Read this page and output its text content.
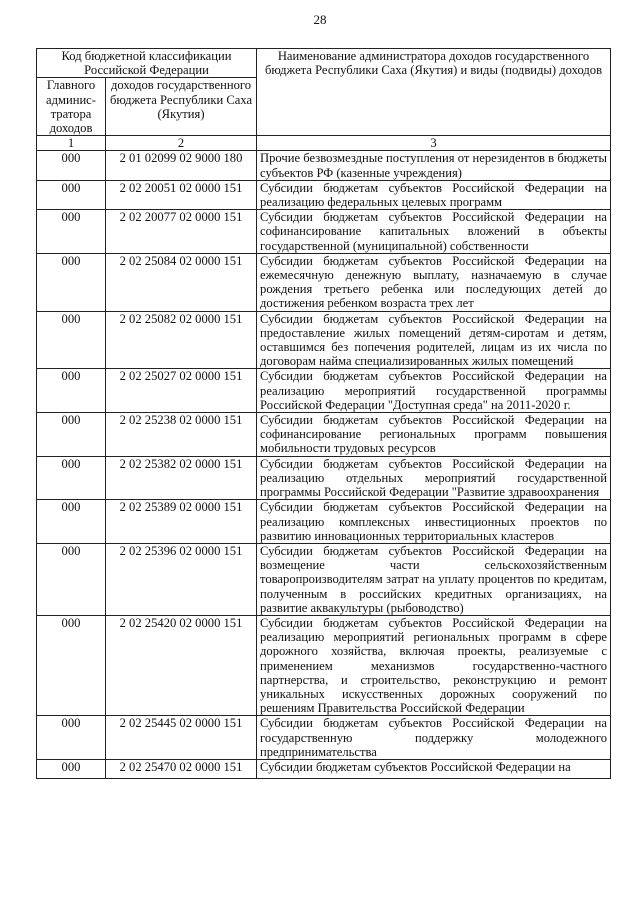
28
Код бюджетной классификации Российской Федерации		Наименование администратора доходов государственного бюджета Республики Саха (Якутия) и виды (подвиды) доходов
Главного админис-тратора доходов	доходов государственного бюджета Республики Саха (Якутия)	
1	2	3
000	2 01 02099 02 9000 180	Прочие безвозмездные поступления от нерезидентов в бюджеты субъектов РФ (казенные учреждения)
000	2 02 20051 02 0000 151	Субсидии бюджетам субъектов Российской Федерации на реализацию федеральных целевых программ
000	2 02 20077 02 0000 151	Субсидии бюджетам субъектов Российской Федерации на софинансирование капитальных вложений в объекты государственной (муниципальной) собственности
000	2 02 25084 02 0000 151	Субсидии бюджетам субъектов Российской Федерации на ежемесячную денежную выплату, назначаемую в случае рождения третьего ребенка или последующих детей до достижения ребенком возраста трех лет
000	2 02 25082 02 0000 151	Субсидии бюджетам субъектов Российской Федерации на предоставление жилых помещений детям-сиротам и детям, оставшимся без попечения родителей, лицам из их числа по договорам найма специализированных жилых помещений
000	2 02 25027 02 0000 151	Субсидии бюджетам субъектов Российской Федерации на реализацию мероприятий государственной программы Российской Федерации "Доступная среда" на 2011-2020 г.
000	2 02 25238 02 0000 151	Субсидии бюджетам субъектов Российской Федерации на софинансирование региональных программ повышения мобильности трудовых ресурсов
000	2 02 25382 02 0000 151	Субсидии бюджетам субъектов Российской Федерации на реализацию отдельных мероприятий государственной программы Российской Федерации "Развитие здравоохранения
000	2 02 25389 02 0000 151	Субсидии бюджетам субъектов Российской Федерации на реализацию комплексных инвестиционных проектов по развитию инновационных территориальных кластеров
000	2 02 25396 02 0000 151	Субсидии бюджетам субъектов Российской Федерации на возмещение части сельскохозяйственным товаропроизводителям затрат на уплату процентов по кредитам, полученным в российских кредитных организациях, на развитие аквакультуры (рыбоводство)
000	2 02 25420 02 0000 151	Субсидии бюджетам субъектов Российской Федерации на реализацию мероприятий региональных программ в сфере дорожного хозяйства, включая проекты, реализуемые с применением механизмов государственно-частного партнерства, и строительство, реконструкцию и ремонт уникальных искусственных дорожных сооружений по решениям Правительства Российской Федерации
000	2 02 25445 02 0000 151	Субсидии бюджетам субъектов Российской Федерации на государственную поддержку молодежного предпринимательства
000	2 02 25470 02 0000 151	Субсидии бюджетам субъектов Российской Федерации на
